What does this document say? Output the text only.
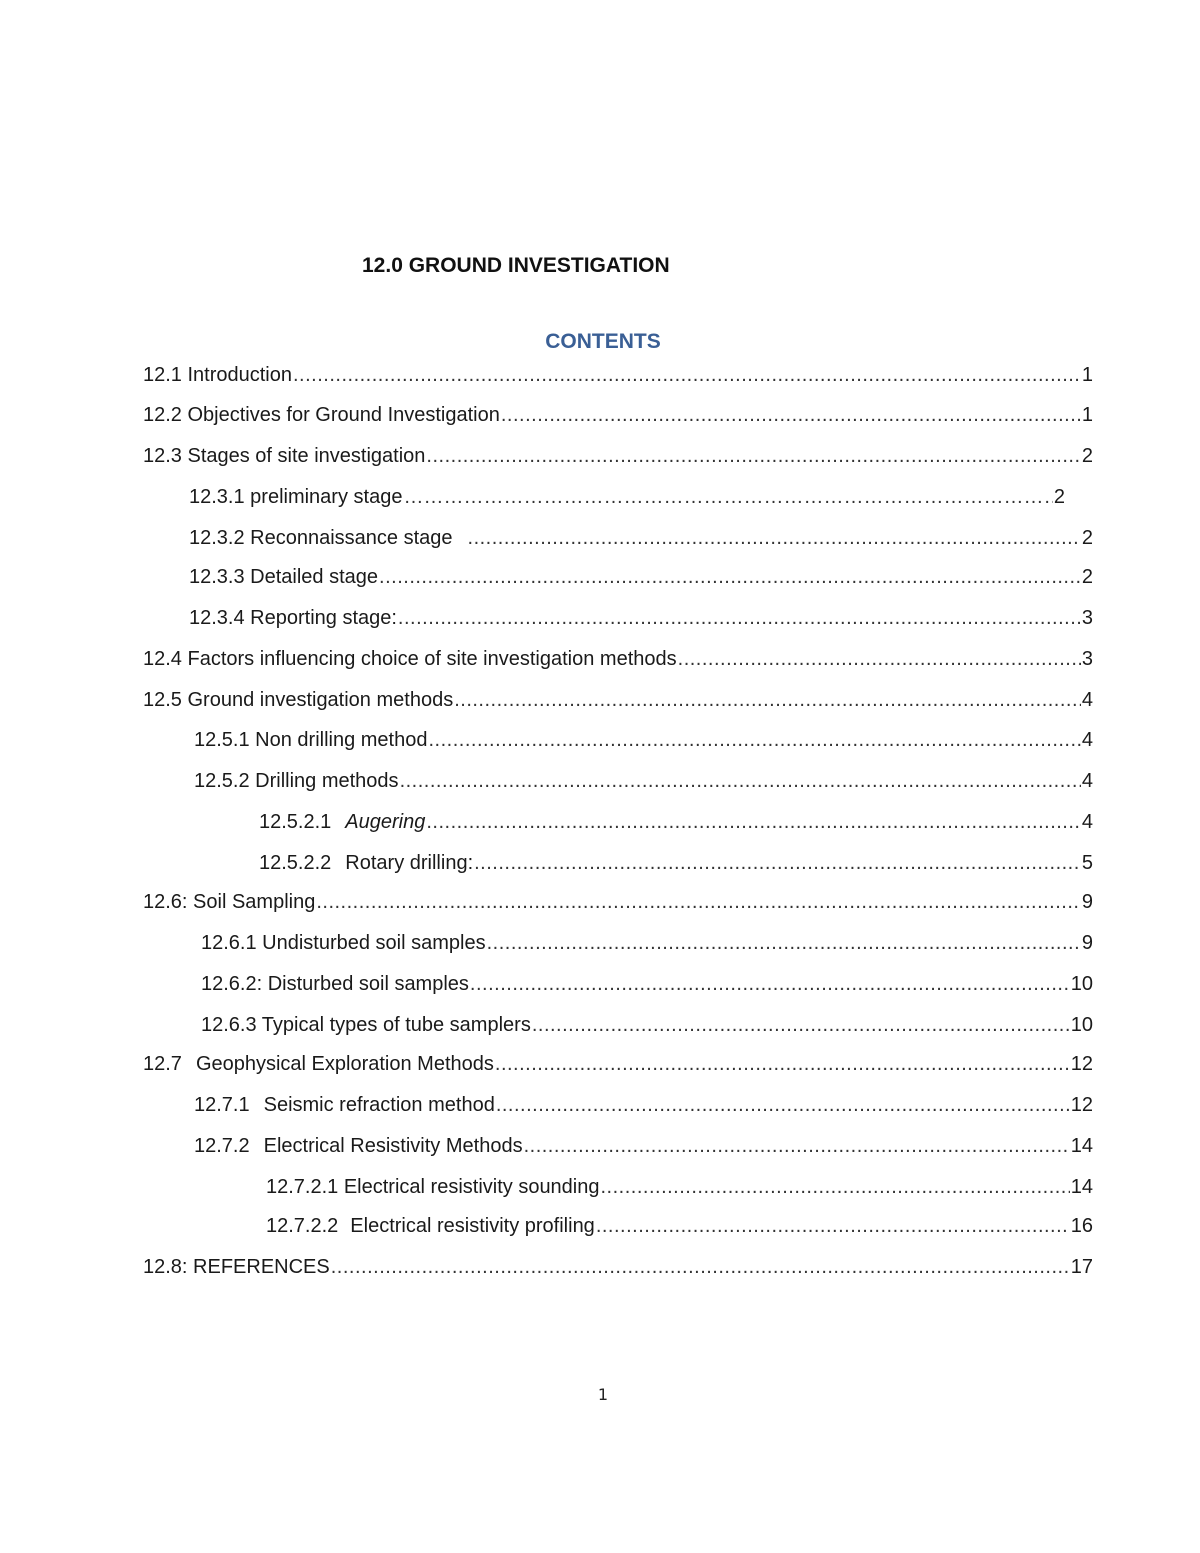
12.0 GROUND INVESTIGATION
CONTENTS
12.1 Introduction .....	1
12.2 Objectives for Ground Investigation .....	1
12.3 Stages of site investigation .....	2
12.3.1 preliminary stage ……………………………………………………………………………………………………………………………………………………	2
12.3.2 Reconnaissance stage .....	2
12.3.3 Detailed stage .....	2
12.3.4 Reporting stage: .....	3
12.4 Factors influencing choice of site investigation methods .....	3
12.5 Ground investigation methods .....	4
12.5.1 Non drilling method .....	4
12.5.2 Drilling methods .....	4
12.5.2.1 Augering .....	4
12.5.2.2 Rotary drilling: .....	5
12.6: Soil Sampling .....	9
12.6.1 Undisturbed soil samples .....	9
12.6.2: Disturbed soil samples .....	10
12.6.3 Typical types of tube samplers .....	10
12.7 Geophysical Exploration Methods .....	12
12.7.1 Seismic refraction method .....	12
12.7.2 Electrical Resistivity Methods .....	14
12.7.2.1 Electrical resistivity sounding .....	14
12.7.2.2 Electrical resistivity profiling .....	16
12.8: REFERENCES .....	17
1
